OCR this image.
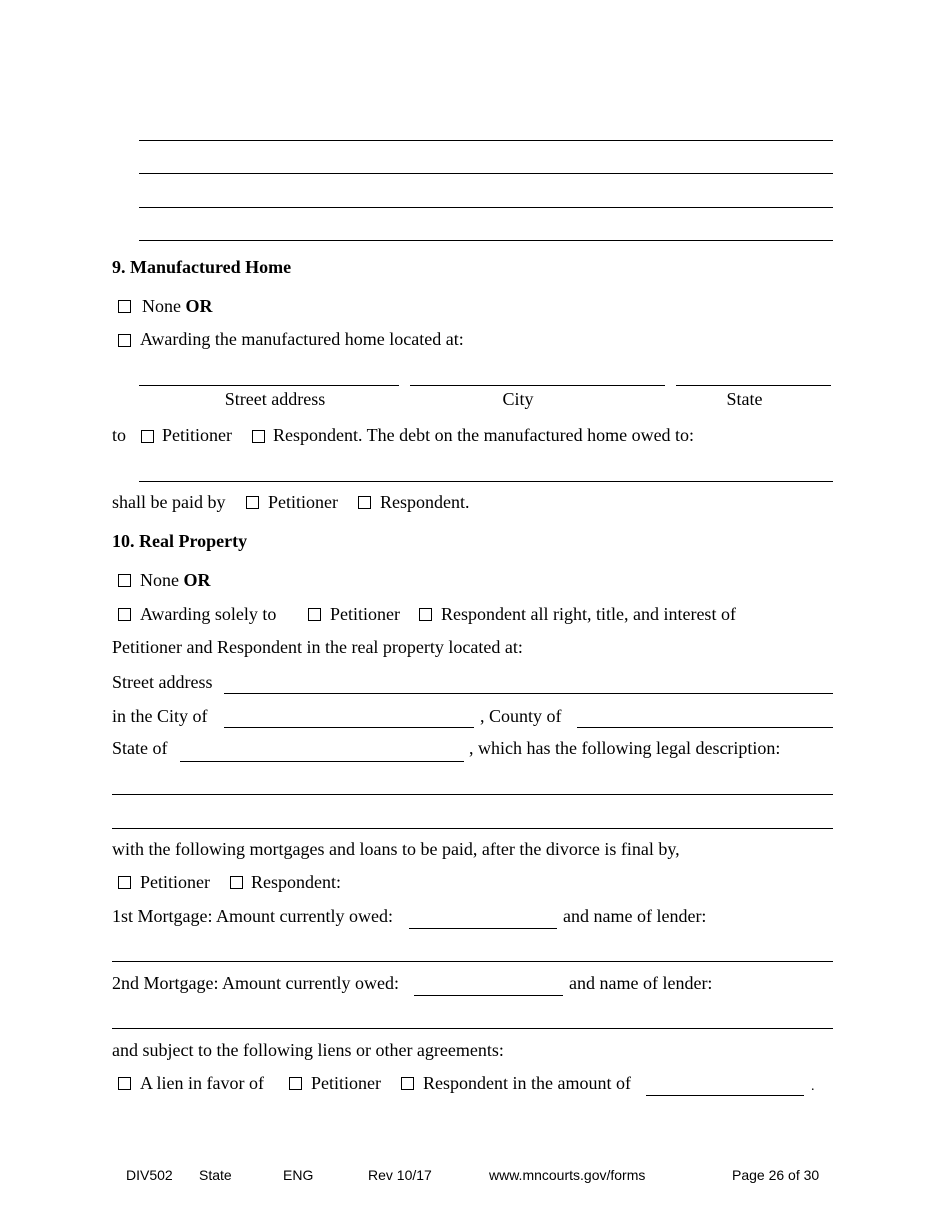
9. Manufactured Home
None OR
Awarding the manufactured home located at:
Street address	City	State
to Petitioner Respondent. The debt on the manufactured home owed to:
shall be paid by Petitioner Respondent.
10. Real Property
None OR
Awarding solely to	Petitioner Respondent all right, title, and interest of
Petitioner and Respondent in the real property located at:
Street address
in the City of	, County of
State of	, which has the following legal description:
with the following mortgages and loans to be paid, after the divorce is final by,
Petitioner Respondent:
1st Mortgage: Amount currently owed:	and name of lender:
2nd Mortgage: Amount currently owed:	and name of lender:
and subject to the following liens or other agreements:
A lien in favor of	Petitioner Respondent in the amount of	.
DIV502 State	ENG	Rev 10/17	www.mncourts.gov/forms	Page 26 of 30
